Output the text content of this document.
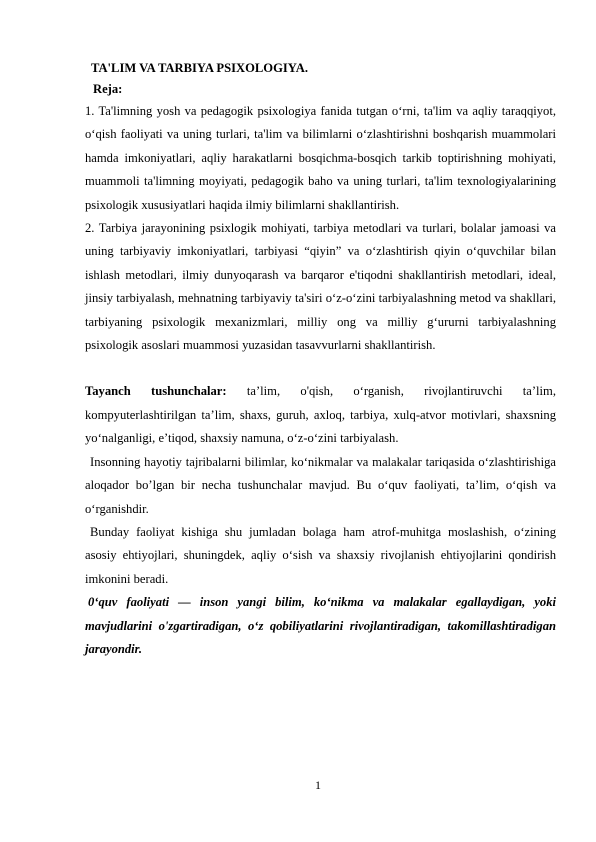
TA'LIM VA TARBIYA PSIXOLOGIYA.

Reja:

1. Ta'limning yosh va pedagogik psixologiya fanida tutgan o‘rni, ta'lim va aqliy taraqqiyot, o‘qish faoliyati va uning turlari, ta'lim va bilimlarni o‘zlashtirishni boshqarish muammolari hamda imkoniyatlari, aqliy harakatlarni bosqichma-bosqich tarkib toptirishning mohiyati, muammoli ta'limning moyiyati, pedagogik baho va uning turlari, ta'lim texnologiyalarining psixologik xususiyatlari haqida ilmiy bilimlarni shakllantirish.

2. Tarbiya jarayonining psixlogik mohiyati, tarbiya metodlari va turlari, bolalar jamoasi va uning tarbiyaviy imkoniyatlari, tarbiyasi “qiyin” va o‘zlashtirish qiyin o‘quvchilar bilan ishlash metodlari, ilmiy dunyoqarash va barqaror e'tiqodni shakllantirish metodlari, ideal, jinsiy tarbiyalash, mehnatning tarbiyaviy ta'siri o‘z-o‘zini tarbiyalashning metod va shakllari, tarbiyaning psixologik mexanizmlari, milliy ong va milliy g‘ururni tarbiyalashning psixologik asoslari muammosi yuzasidan tasavvurlarni shakllantirish.

Tayanch tushunchalar: ta’lim, o'qish, o‘rganish, rivojlantiruvchi ta’lim, kompyuterlashtirilgan ta’lim, shaxs, guruh, axloq, tarbiya, xulq-atvor motivlari, shaxsning yo‘nalganligi, e’tiqod, shaxsiy namuna, o‘z-o‘zini tarbiyalash.

Insonning hayotiy tajribalarni bilimlar, ko‘nikmalar va malakalar tariqasida o‘zlashtirishiga aloqador bo’lgan bir necha tushunchalar mavjud. Bu o‘quv faoliyati, ta’lim, o‘qish va o‘rganishdir.

Bunday faoliyat kishiga shu jumladan bolaga ham atrof-muhitga moslashish, o‘zining asosiy ehtiyojlari, shuningdek, aqliy o‘sish va shaxsiy rivojlanish ehtiyojlarini qondirish imkonini beradi.

0‘quv faoliyati — inson yangi bilim, ko‘nikma va malakalar egallaydigan, yoki mavjudlarini o'zgartiradigan, o‘z qobiliyatlarini rivojlantiradigan, takomillashtiradigan jarayondir.

1
